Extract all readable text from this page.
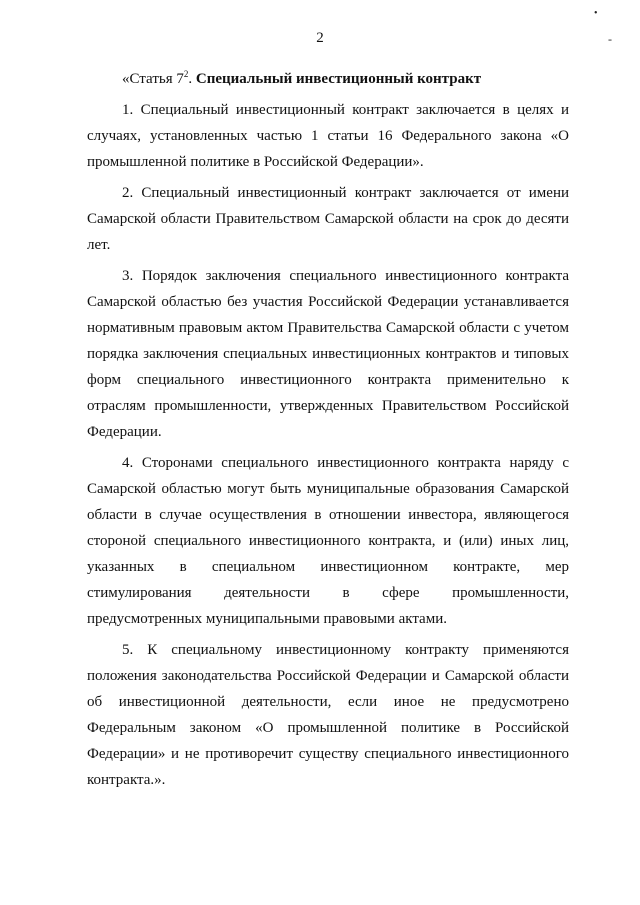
•
‐
2

«Статья $7^2$. Специальный инвестиционный контракт

1. Специальный инвестиционный контракт заключается в целях и случаях, установленных частью 1 статьи 16 Федерального закона «О промышленной политике в Российской Федерации».

2. Специальный инвестиционный контракт заключается от имени Самарской области Правительством Самарской области на срок до десяти лет.

3. Порядок заключения специального инвестиционного контракта Самарской областью без участия Российской Федерации устанавливается нормативным правовым актом Правительства Самарской области с учетом порядка заключения специальных инвестиционных контрактов и типовых форм специального инвестиционного контракта применительно к отраслям промышленности, утвержденных Правительством Российской Федерации.

4. Сторонами специального инвестиционного контракта наряду с Самарской областью могут быть муниципальные образования Самарской области в случае осуществления в отношении инвестора, являющегося стороной специального инвестиционного контракта, и (или) иных лиц, указанных в специальном инвестиционном контракте, мер стимулирования деятельности в сфере промышленности, предусмотренных муниципальными правовыми актами.

5. К специальному инвестиционному контракту применяются положения законодательства Российской Федерации и Самарской области об инвестиционной деятельности, если иное не предусмотрено Федеральным законом «О промышленной политике в Российской Федерации» и не противоречит существу специального инвестиционного контракта.».
